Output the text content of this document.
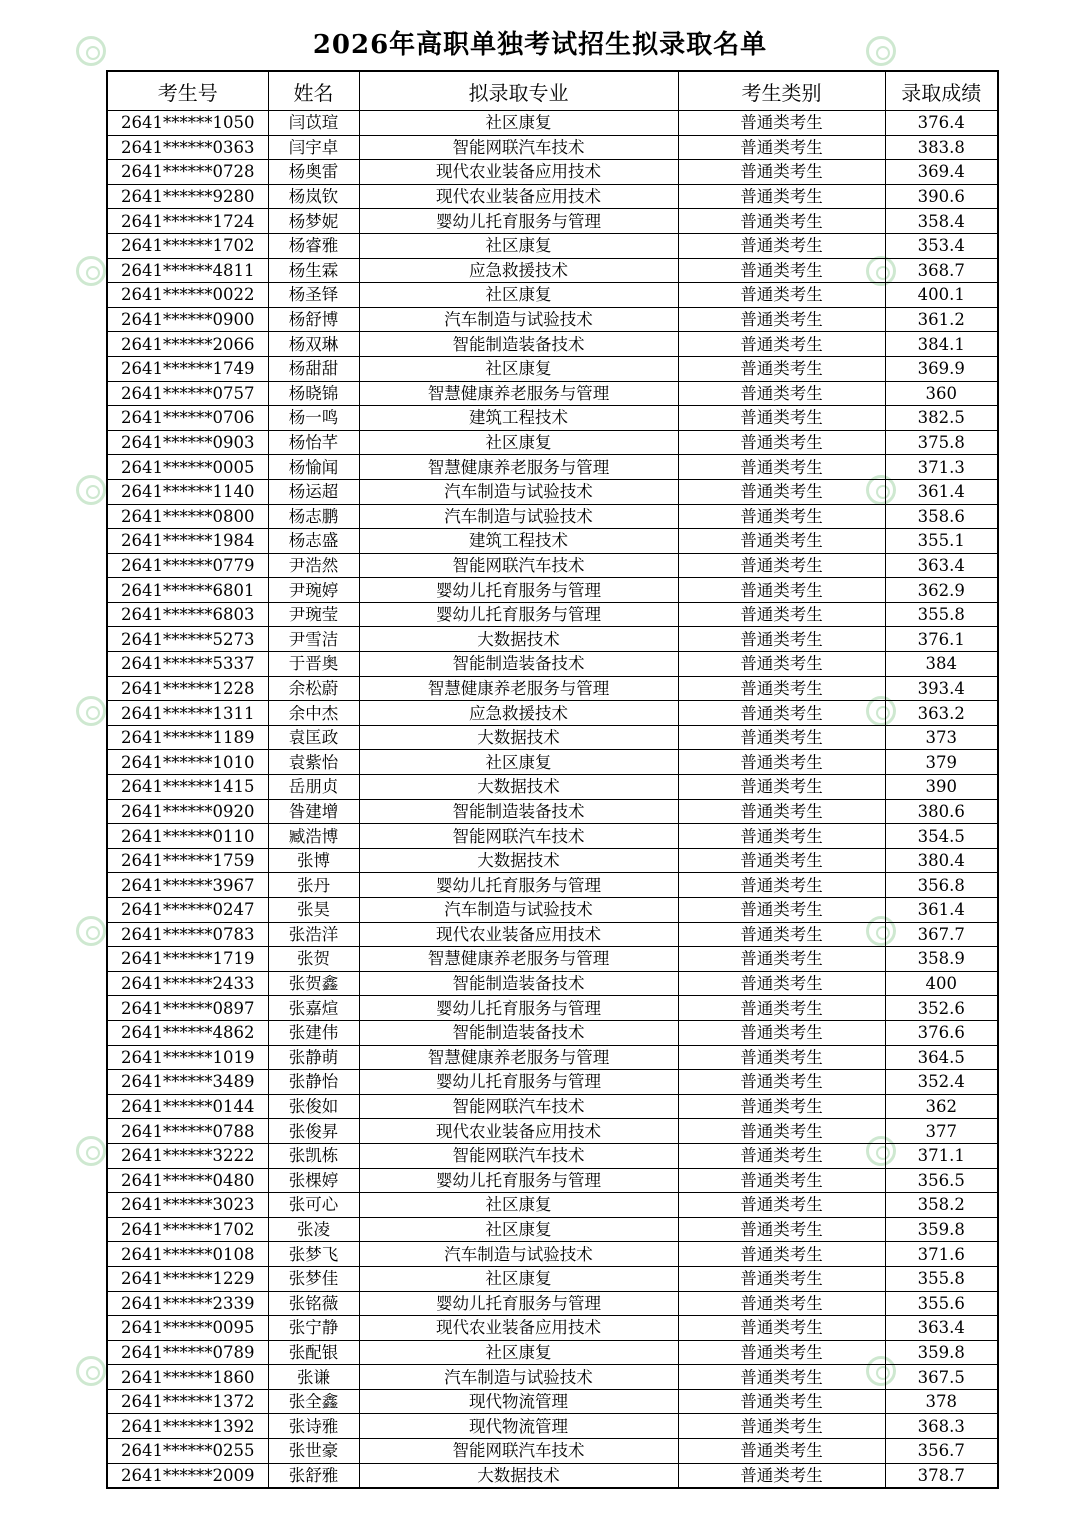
2026年高职单独考试招生拟录取名单
考生号	姓名	拟录取专业	考生类别	录取成绩
2641******1050	闫苡瑄	社区康复	普通类考生	376.4
2641******0363	闫宇卓	智能网联汽车技术	普通类考生	383.8
2641******0728	杨奥雷	现代农业装备应用技术	普通类考生	369.4
2641******9280	杨岚钦	现代农业装备应用技术	普通类考生	390.6
2641******1724	杨梦妮	婴幼儿托育服务与管理	普通类考生	358.4
2641******1702	杨睿雅	社区康复	普通类考生	353.4
2641******4811	杨生霖	应急救援技术	普通类考生	368.7
2641******0022	杨圣铎	社区康复	普通类考生	400.1
2641******0900	杨舒博	汽车制造与试验技术	普通类考生	361.2
2641******2066	杨双琳	智能制造装备技术	普通类考生	384.1
2641******1749	杨甜甜	社区康复	普通类考生	369.9
2641******0757	杨晓锦	智慧健康养老服务与管理	普通类考生	360
2641******0706	杨一鸣	建筑工程技术	普通类考生	382.5
2641******0903	杨怡芊	社区康复	普通类考生	375.8
2641******0005	杨愉闻	智慧健康养老服务与管理	普通类考生	371.3
2641******1140	杨运超	汽车制造与试验技术	普通类考生	361.4
2641******0800	杨志鹏	汽车制造与试验技术	普通类考生	358.6
2641******1984	杨志盛	建筑工程技术	普通类考生	355.1
2641******0779	尹浩然	智能网联汽车技术	普通类考生	363.4
2641******6801	尹琬婷	婴幼儿托育服务与管理	普通类考生	362.9
2641******6803	尹琬莹	婴幼儿托育服务与管理	普通类考生	355.8
2641******5273	尹雪洁	大数据技术	普通类考生	376.1
2641******5337	于晋奥	智能制造装备技术	普通类考生	384
2641******1228	余松蔚	智慧健康养老服务与管理	普通类考生	393.4
2641******1311	余中杰	应急救援技术	普通类考生	363.2
2641******1189	袁匡政	大数据技术	普通类考生	373
2641******1010	袁紫怡	社区康复	普通类考生	379
2641******1415	岳朋贞	大数据技术	普通类考生	390
2641******0920	昝建增	智能制造装备技术	普通类考生	380.6
2641******0110	臧浩博	智能网联汽车技术	普通类考生	354.5
2641******1759	张博	大数据技术	普通类考生	380.4
2641******3967	张丹	婴幼儿托育服务与管理	普通类考生	356.8
2641******0247	张昊	汽车制造与试验技术	普通类考生	361.4
2641******0783	张浩洋	现代农业装备应用技术	普通类考生	367.7
2641******1719	张贺	智慧健康养老服务与管理	普通类考生	358.9
2641******2433	张贺鑫	智能制造装备技术	普通类考生	400
2641******0897	张嘉煊	婴幼儿托育服务与管理	普通类考生	352.6
2641******4862	张建伟	智能制造装备技术	普通类考生	376.6
2641******1019	张静萌	智慧健康养老服务与管理	普通类考生	364.5
2641******3489	张静怡	婴幼儿托育服务与管理	普通类考生	352.4
2641******0144	张俊如	智能网联汽车技术	普通类考生	362
2641******0788	张俊昇	现代农业装备应用技术	普通类考生	377
2641******3222	张凯栋	智能网联汽车技术	普通类考生	371.1
2641******0480	张棵婷	婴幼儿托育服务与管理	普通类考生	356.5
2641******3023	张可心	社区康复	普通类考生	358.2
2641******1702	张凌	社区康复	普通类考生	359.8
2641******0108	张梦飞	汽车制造与试验技术	普通类考生	371.6
2641******1229	张梦佳	社区康复	普通类考生	355.8
2641******2339	张铭薇	婴幼儿托育服务与管理	普通类考生	355.6
2641******0095	张宁静	现代农业装备应用技术	普通类考生	363.4
2641******0789	张配银	社区康复	普通类考生	359.8
2641******1860	张谦	汽车制造与试验技术	普通类考生	367.5
2641******1372	张全鑫	现代物流管理	普通类考生	378
2641******1392	张诗雅	现代物流管理	普通类考生	368.3
2641******0255	张世豪	智能网联汽车技术	普通类考生	356.7
2641******2009	张舒雅	大数据技术	普通类考生	378.7
